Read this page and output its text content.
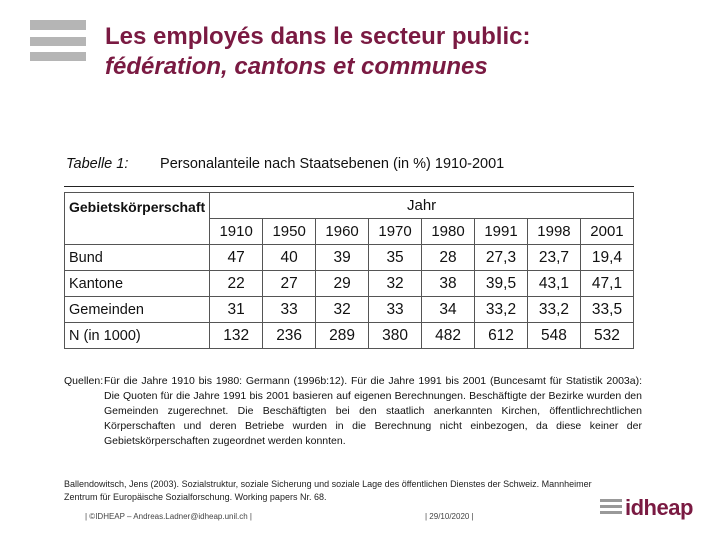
Les employés dans le secteur public:
fédération, cantons et communes
Tabelle 1: Personalanteile nach Staatsebenen (in %) 1910-2001
Gebietskörperschaft	Jahr							
	1910	1950	1960	1970	1980	1991	1998	2001
Bund	47	40	39	35	28	27,3	23,7	19,4
Kantone	22	27	29	32	38	39,5	43,1	47,1
Gemeinden	31	33	32	33	34	33,2	33,2	33,5
N (in 1000)	132	236	289	380	482	612	548	532
Quellen: Für die Jahre 1910 bis 1980: Germann (1996b:12). Für die Jahre 1991 bis 2001 (Buncesamt für Statistik 2003a): Die Quoten für die Jahre 1991 bis 2001 basieren auf eigenen Berechnungen. Beschäftigte der Bezirke wurden den Gemeinden zugerechnet. Die Beschäftigten bei den staatlich anerkannten Kirchen, öffentlichrechtlichen Körperschaften und deren Betriebe wurden in die Berechnung nicht einbezogen, da diese keiner der Gebietskörperschaften zugeordnet werden konnten.
Ballendowitsch, Jens (2003). Sozialstruktur, soziale Sicherung und soziale Lage des öffentlichen Dienstes der Schweiz. Mannheimer Zentrum für Europäische Sozialforschung. Working papers Nr. 68.
| ©IDHEAP – Andreas.Ladner@idheap.unil.ch |	| 29/10/2020 |	idheap
